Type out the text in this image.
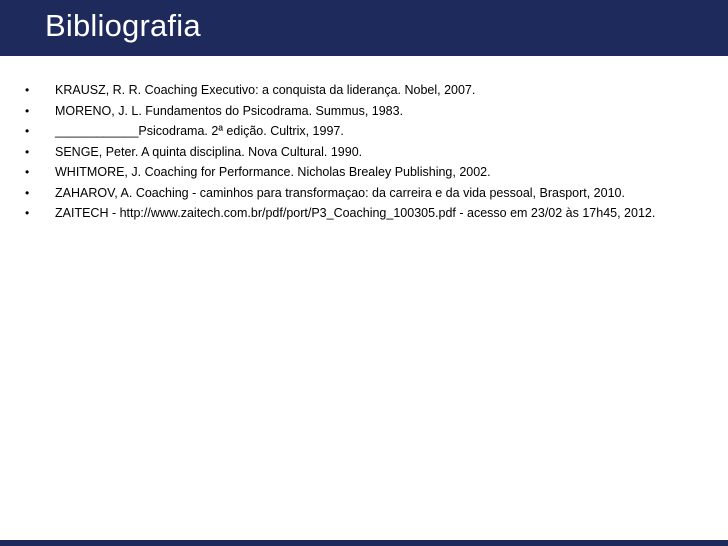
Bibliografia
• KRAUSZ, R. R. Coaching Executivo: a conquista da liderança. Nobel, 2007.
• MORENO, J. L. Fundamentos do Psicodrama. Summus, 1983.
• ____________Psicodrama. 2ª edição. Cultrix, 1997.
• SENGE, Peter. A quinta disciplina. Nova Cultural. 1990.
• WHITMORE, J. Coaching for Performance. Nicholas Brealey Publishing, 2002.
• ZAHAROV, A. Coaching - caminhos para transformaçao: da carreira e da vida pessoal, Brasport, 2010.
• ZAITECH - http://www.zaitech.com.br/pdf/port/P3_Coaching_100305.pdf - acesso em 23/02 às 17h45, 2012.
